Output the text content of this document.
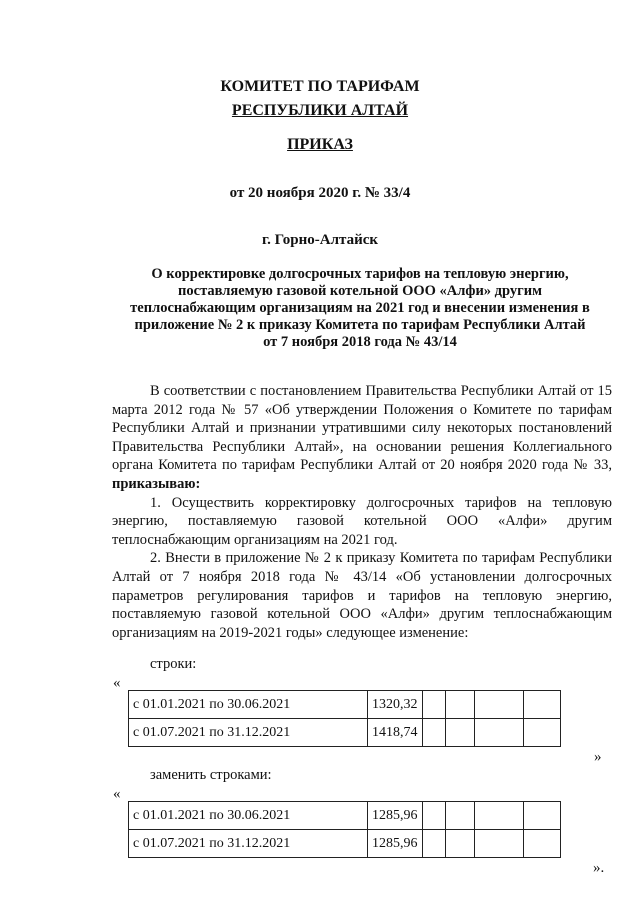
КОМИТЕТ ПО ТАРИФАМ
РЕСПУБЛИКИ АЛТАЙ
ПРИКАЗ
от 20 ноября 2020 г. № 33/4
г. Горно-Алтайск
О корректировке долгосрочных тарифов на тепловую энергию,
поставляемую газовой котельной ООО «Алфи» другим
теплоснабжающим организациям на 2021 год и внесении изменения в
приложение № 2 к приказу Комитета по тарифам Республики Алтай
от 7 ноября 2018 года № 43/14

В соответствии с постановлением Правительства Республики Алтай от 15 марта 2012 года № 57 «Об утверждении Положения о Комитете по тарифам Республики Алтай и признании утратившими силу некоторых постановлений Правительства Республики Алтай», на основании решения Коллегиального органа Комитета по тарифам Республики Алтай от 20 ноября 2020 года № 33, приказываю:

1. Осуществить корректировку долгосрочных тарифов на тепловую энергию, поставляемую газовой котельной ООО «Алфи» другим теплоснабжающим организациям на 2021 год.

2. Внести в приложение № 2 к приказу Комитета по тарифам Республики Алтай от 7 ноября 2018 года № 43/14 «Об установлении долгосрочных параметров регулирования тарифов и тарифов на тепловую энергию, поставляемую газовой котельной ООО «Алфи» другим теплоснабжающим организациям на 2019-2021 годы» следующее изменение:

строки:
«
с 01.01.2021 по 30.06.2021	1320,32				
с 01.07.2021 по 31.12.2021	1418,74				
»
заменить строками:
«
с 01.01.2021 по 30.06.2021	1285,96				
с 01.07.2021 по 31.12.2021	1285,96				
».
